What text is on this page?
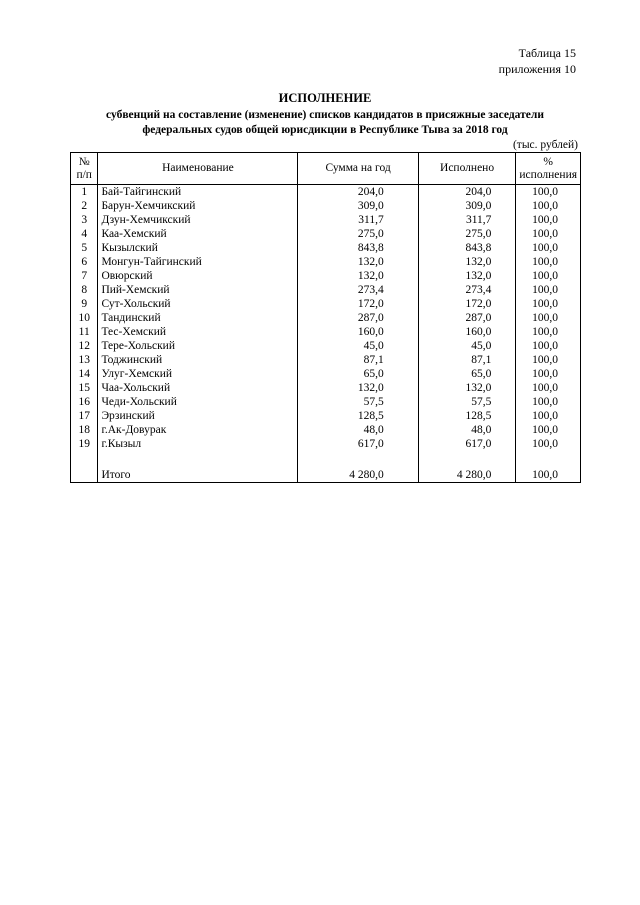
Таблица 15
приложения 10
ИСПОЛНЕНИЕ
субвенций на составление (изменение) списков кандидатов в присяжные заседатели
федеральных судов общей юрисдикции в Республике Тыва за 2018 год
(тыс. рублей)
№
п/п	Наименование	Сумма на год	Исполнено	% исполнения
1	Бай-Тайгинский	204,0	204,0	100,0
2	Барун-Хемчикский	309,0	309,0	100,0
3	Дзун-Хемчикский	311,7	311,7	100,0
4	Каа-Хемский	275,0	275,0	100,0
5	Кызылский	843,8	843,8	100,0
6	Монгун-Тайгинский	132,0	132,0	100,0
7	Овюрский	132,0	132,0	100,0
8	Пий-Хемский	273,4	273,4	100,0
9	Сут-Хольский	172,0	172,0	100,0
10	Тандинский	287,0	287,0	100,0
11	Тес-Хемский	160,0	160,0	100,0
12	Тере-Хольский	45,0	45,0	100,0
13	Тоджинский	87,1	87,1	100,0
14	Улуг-Хемский	65,0	65,0	100,0
15	Чаа-Хольский	132,0	132,0	100,0
16	Чеди-Хольский	57,5	57,5	100,0
17	Эрзинский	128,5	128,5	100,0
18	г.Ак-Довурак	48,0	48,0	100,0
19	г.Кызыл	617,0	617,0	100,0

	Итого	4 280,0	4 280,0	100,0
